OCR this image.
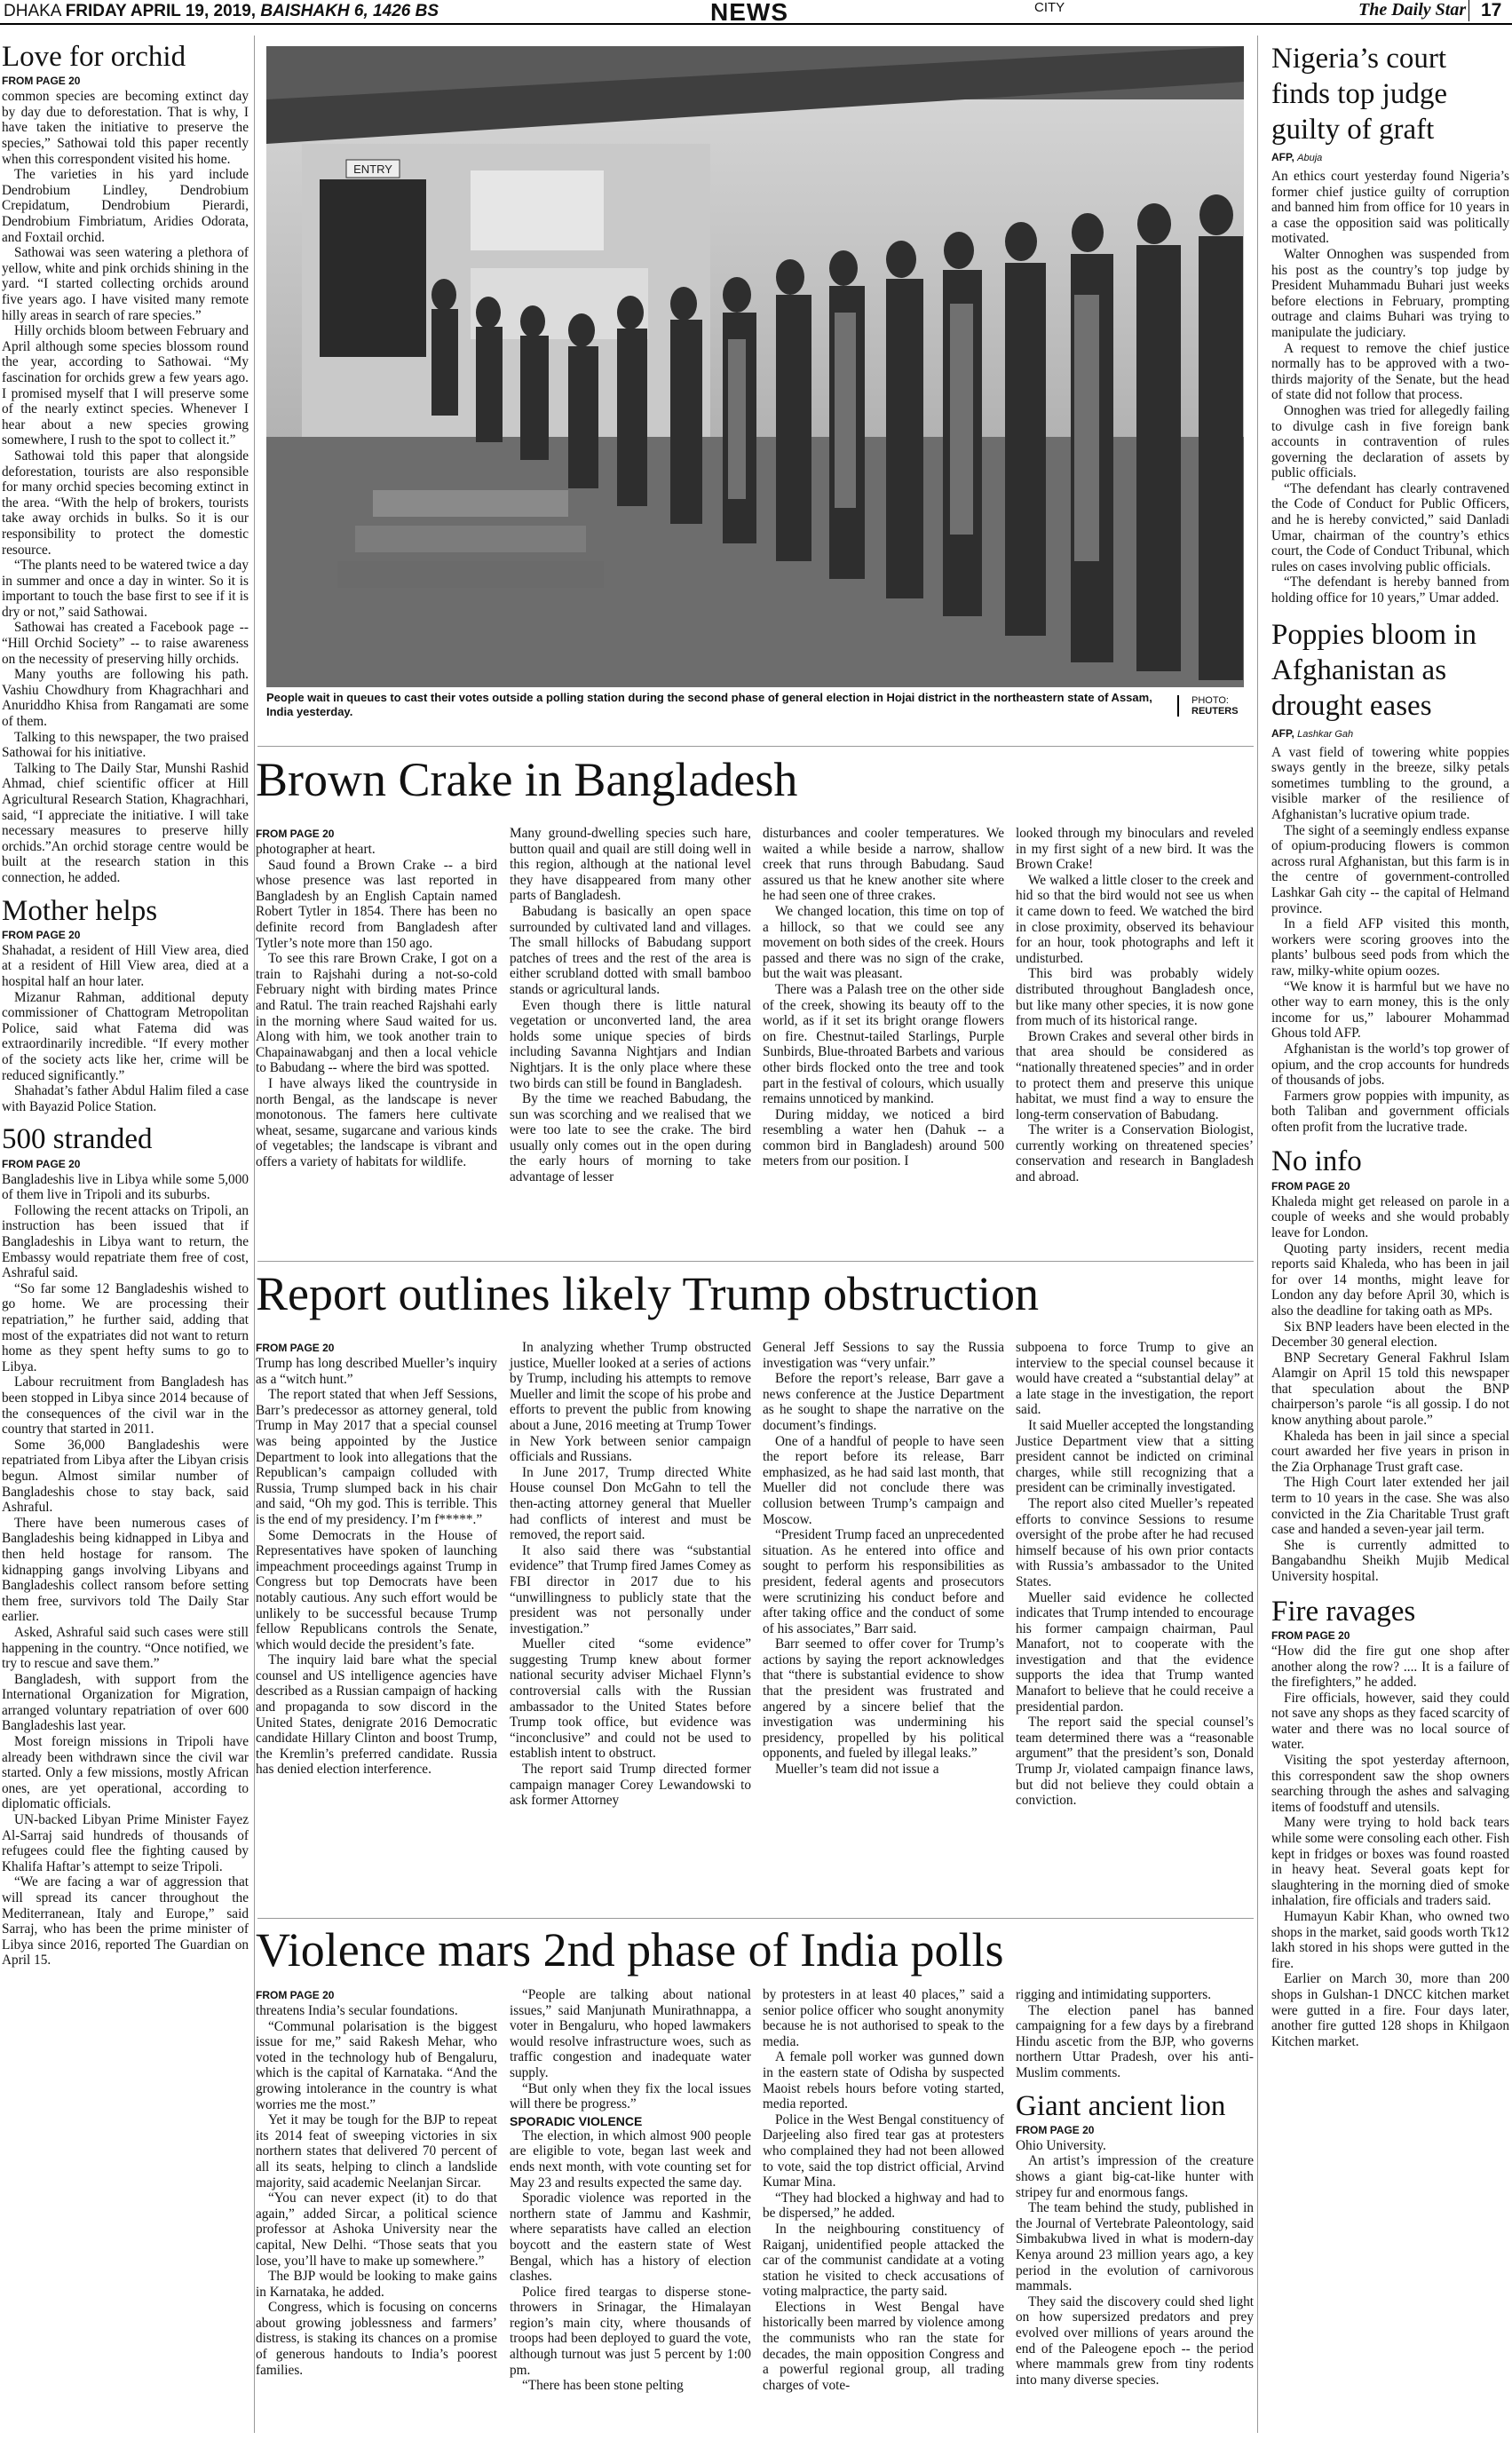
DHAKA FRIDAY APRIL 19, 2019, BAISHAKH 6, 1426 BS	NEWS	CITY	The Daily Star 17
Love for orchid
FROM PAGE 20

common species are becoming extinct day by day due to deforestation. That is why, I have taken the initiative to preserve the species,” Sathowai told this paper recently when this correspondent visited his home.

The varieties in his yard include Dendrobium Lindley, Dendrobium Crepidatum, Dendrobium Pierardi, Dendrobium Fimbriatum, Aridies Odorata, and Foxtail orchid.

Sathowai was seen watering a plethora of yellow, white and pink orchids shining in the yard. “I started collecting orchids around five years ago. I have visited many remote hilly areas in search of rare species.”

Hilly orchids bloom between February and April although some species blossom round the year, according to Sathowai. “My fascination for orchids grew a few years ago. I promised myself that I will preserve some of the nearly extinct species. Whenever I hear about a new species growing somewhere, I rush to the spot to collect it.”

Sathowai told this paper that alongside deforestation, tourists are also responsible for many orchid species becoming extinct in the area. “With the help of brokers, tourists take away orchids in bulks. So it is our responsibility to protect the domestic resource.

“The plants need to be watered twice a day in summer and once a day in winter. So it is important to touch the base first to see if it is dry or not,” said Sathowai.

Sathowai has created a Facebook page -- “Hill Orchid Society” -- to raise awareness on the necessity of preserving hilly orchids.

Many youths are following his path. Vashiu Chowdhury from Khagrachhari and Anuriddho Khisa from Rangamati are some of them.

Talking to this newspaper, the two praised Sathowai for his initiative.

Talking to The Daily Star, Munshi Rashid Ahmad, chief scientific officer at Hill Agricultural Research Station, Khagrachhari, said, “I appreciate the initiative. I will take necessary measures to preserve hilly orchids.”An orchid storage centre would be built at the research station in this connection, he added.

Mother helps
FROM PAGE 20

Shahadat, a resident of Hill View area, died at a resident of Hill View area, died at a hospital half an hour later.

Mizanur Rahman, additional deputy commissioner of Chattogram Metropolitan Police, said what Fatema did was extraordinarily incredible. “If every mother of the society acts like her, crime will be reduced significantly.”

Shahadat’s father Abdul Halim filed a case with Bayazid Police Station.

500 stranded
FROM PAGE 20

Bangladeshis live in Libya while some 5,000 of them live in Tripoli and its suburbs.

Following the recent attacks on Tripoli, an instruction has been issued that if Bangladeshis in Libya want to return, the Embassy would repatriate them free of cost, Ashraful said.

“So far some 12 Bangladeshis wished to go home. We are processing their repatriation,” he further said, adding that most of the expatriates did not want to return home as they spent hefty sums to go to Libya.

Labour recruitment from Bangladesh has been stopped in Libya since 2014 because of the consequences of the civil war in the country that started in 2011.

Some 36,000 Bangladeshis were repatriated from Libya after the Libyan crisis begun. Almost similar number of Bangladeshis chose to stay back, said Ashraful.

There have been numerous cases of Bangladeshis being kidnapped in Libya and then held hostage for ransom. The kidnapping gangs involving Libyans and Bangladeshis collect ransom before setting them free, survivors told The Daily Star earlier.

Asked, Ashraful said such cases were still happening in the country. “Once notified, we try to rescue and save them.”

Bangladesh, with support from the International Organization for Migration, arranged voluntary repatriation of over 600 Bangladeshis last year.

Most foreign missions in Tripoli have already been withdrawn since the civil war started. Only a few missions, mostly African ones, are yet operational, according to diplomatic officials.

UN-backed Libyan Prime Minister Fayez Al-Sarraj said hundreds of thousands of refugees could flee the fighting caused by Khalifa Haftar’s attempt to seize Tripoli.

“We are facing a war of aggression that will spread its cancer throughout the Mediterranean, Italy and Europe,” said Sarraj, who has been the prime minister of Libya since 2016, reported The Guardian on April 15.

ENTRY
People wait in queues to cast their votes outside a polling station during the second phase of general election in Hojai district in the northeastern state of Assam, India yesterday.
PHOTO:
REUTERS
Brown Crake in Bangladesh
FROM PAGE 20

photographer at heart.

Saud found a Brown Crake -- a bird whose presence was last reported in Bangladesh by an English Captain named Robert Tytler in 1854. There has been no definite record from Bangladesh after Tytler’s note more than 150 ago.

To see this rare Brown Crake, I got on a train to Rajshahi during a not-so-cold February night with birding mates Prince and Ratul. The train reached Rajshahi early in the morning where Saud waited for us. Along with him, we took another train to Chapainawabganj and then a local vehicle to Babudang -- where the bird was spotted.

I have always liked the countryside in north Bengal, as the landscape is never monotonous. The famers here cultivate wheat, sesame, sugarcane and various kinds of vegetables; the landscape is vibrant and offers a variety of habitats for wildlife.

Many ground-dwelling species such hare, button quail and quail are still doing well in this region, although at the national level they have disappeared from many other parts of Bangladesh.

Babudang is basically an open space surrounded by cultivated land and villages. The small hillocks of Babudang support patches of trees and the rest of the area is either scrubland dotted with small bamboo stands or agricultural lands.

Even though there is little natural vegetation or unconverted land, the area holds some unique species of birds including Savanna Nightjars and Indian Nightjars. It is the only place where these two birds can still be found in Bangladesh.

By the time we reached Babudang, the sun was scorching and we realised that we were too late to see the crake. The bird usually only comes out in the open during the early hours of morning to take advantage of lesser

disturbances and cooler temperatures. We waited a while beside a narrow, shallow creek that runs through Babudang. Saud assured us that he knew another site where he had seen one of three crakes.

We changed location, this time on top of a hillock, so that we could see any movement on both sides of the creek. Hours passed and there was no sign of the crake, but the wait was pleasant.

There was a Palash tree on the other side of the creek, showing its beauty off to the world, as if it set its bright orange flowers on fire. Chestnut-tailed Starlings, Purple Sunbirds, Blue-throated Barbets and various other birds flocked onto the tree and took part in the festival of colours, which usually remains unnoticed by mankind.

During midday, we noticed a bird resembling a water hen (Dahuk -- a common bird in Bangladesh) around 500 meters from our position. I

looked through my binoculars and reveled in my first sight of a new bird. It was the Brown Crake!

We walked a little closer to the creek and hid so that the bird would not see us when it came down to feed. We watched the bird in close proximity, observed its behaviour for an hour, took photographs and left it undisturbed.

This bird was probably widely distributed throughout Bangladesh once, but like many other species, it is now gone from much of its historical range.

Brown Crakes and several other birds in that area should be considered as “nationally threatened species” and in order to protect them and preserve this unique habitat, we must find a way to ensure the long-term conservation of Babudang.

The writer is a Conservation Biologist, currently working on threatened species’ conservation and research in Bangladesh and abroad.

Report outlines likely Trump obstruction
FROM PAGE 20

Trump has long described Mueller’s inquiry as a “witch hunt.”

The report stated that when Jeff Sessions, Barr’s predecessor as attorney general, told Trump in May 2017 that a special counsel was being appointed by the Justice Department to look into allegations that the Republican’s campaign colluded with Russia, Trump slumped back in his chair and said, “Oh my god. This is terrible. This is the end of my presidency. I’m f*****.”

Some Democrats in the House of Representatives have spoken of launching impeachment proceedings against Trump in Congress but top Democrats have been notably cautious. Any such effort would be unlikely to be successful because Trump fellow Republicans controls the Senate, which would decide the president’s fate.

The inquiry laid bare what the special counsel and US intelligence agencies have described as a Russian campaign of hacking and propaganda to sow discord in the United States, denigrate 2016 Democratic candidate Hillary Clinton and boost Trump, the Kremlin’s preferred candidate. Russia has denied election interference.

In analyzing whether Trump obstructed justice, Mueller looked at a series of actions by Trump, including his attempts to remove Mueller and limit the scope of his probe and efforts to prevent the public from knowing about a June, 2016 meeting at Trump Tower in New York between senior campaign officials and Russians.

In June 2017, Trump directed White House counsel Don McGahn to tell the then-acting attorney general that Mueller had conflicts of interest and must be removed, the report said.

It also said there was “substantial evidence” that Trump fired James Comey as FBI director in 2017 due to his “unwillingness to publicly state that the president was not personally under investigation.”

Mueller cited “some evidence” suggesting Trump knew about former national security adviser Michael Flynn’s controversial calls with the Russian ambassador to the United States before Trump took office, but evidence was “inconclusive” and could not be used to establish intent to obstruct.

The report said Trump directed former campaign manager Corey Lewandowski to ask former Attorney

General Jeff Sessions to say the Russia investigation was “very unfair.”

Before the report’s release, Barr gave a news conference at the Justice Department as he sought to shape the narrative on the document’s findings.

One of a handful of people to have seen the report before its release, Barr emphasized, as he had said last month, that Mueller did not conclude there was collusion between Trump’s campaign and Moscow.

“President Trump faced an unprecedented situation. As he entered into office and sought to perform his responsibilities as president, federal agents and prosecutors were scrutinizing his conduct before and after taking office and the conduct of some of his associates,” Barr said.

Barr seemed to offer cover for Trump’s actions by saying the report acknowledges that “there is substantial evidence to show that the president was frustrated and angered by a sincere belief that the investigation was undermining his presidency, propelled by his political opponents, and fueled by illegal leaks.”

Mueller’s team did not issue a

subpoena to force Trump to give an interview to the special counsel because it would have created a “substantial delay” at a late stage in the investigation, the report said.

It said Mueller accepted the longstanding Justice Department view that a sitting president cannot be indicted on criminal charges, while still recognizing that a president can be criminally investigated.

The report also cited Mueller’s repeated efforts to convince Sessions to resume oversight of the probe after he had recused himself because of his own prior contacts with Russia’s ambassador to the United States.

Mueller said evidence he collected indicates that Trump intended to encourage his former campaign chairman, Paul Manafort, not to cooperate with the investigation and that the evidence supports the idea that Trump wanted Manafort to believe that he could receive a presidential pardon.

The report said the special counsel’s team determined there was a “reasonable argument” that the president’s son, Donald Trump Jr, violated campaign finance laws, but did not believe they could obtain a conviction.

Violence mars 2nd phase of India polls
FROM PAGE 20

threatens India’s secular foundations.

“Communal polarisation is the biggest issue for me,” said Rakesh Mehar, who voted in the technology hub of Bengaluru, which is the capital of Karnataka. “And the growing intolerance in the country is what worries me the most.”

Yet it may be tough for the BJP to repeat its 2014 feat of sweeping victories in six northern states that delivered 70 percent of all its seats, helping to clinch a landslide majority, said academic Neelanjan Sircar.

“You can never expect (it) to do that again,” added Sircar, a political science professor at Ashoka University near the capital, New Delhi. “Those seats that you lose, you’ll have to make up somewhere.”

The BJP would be looking to make gains in Karnataka, he added.

Congress, which is focusing on concerns about growing joblessness and farmers’ distress, is staking its chances on a promise of generous handouts to India’s poorest families.

“People are talking about national issues,” said Manjunath Munirathnappa, a voter in Bengaluru, who hoped lawmakers would resolve infrastructure woes, such as traffic congestion and inadequate water supply.

“But only when they fix the local issues will there be progress.”

SPORADIC VIOLENCE

The election, in which almost 900 people are eligible to vote, began last week and ends next month, with vote counting set for May 23 and results expected the same day.

Sporadic violence was reported in the northern state of Jammu and Kashmir, where separatists have called an election boycott and the eastern state of West Bengal, which has a history of election clashes.

Police fired teargas to disperse stone-throwers in Srinagar, the Himalayan region’s main city, where thousands of troops had been deployed to guard the vote, although turnout was just 5 percent by 1:00 pm.

“There has been stone pelting

by protesters in at least 40 places,” said a senior police officer who sought anonymity because he is not authorised to speak to the media.

A female poll worker was gunned down in the eastern state of Odisha by suspected Maoist rebels hours before voting started, media reported.

Police in the West Bengal constituency of Darjeeling also fired tear gas at protesters who complained they had not been allowed to vote, said the top district official, Arvind Kumar Mina.

“They had blocked a highway and had to be dispersed,” he added.

In the neighbouring constituency of Raiganj, unidentified people attacked the car of the communist candidate at a voting station he visited to check accusations of voting malpractice, the party said.

Elections in West Bengal have historically been marred by violence among the communists who ran the state for decades, the main opposition Congress and a powerful regional group, all trading charges of vote-

rigging and intimidating supporters.

The election panel has banned campaigning for a few days by a firebrand Hindu ascetic from the BJP, who governs northern Uttar Pradesh, over his anti-Muslim comments.

Giant ancient lion
FROM PAGE 20

Ohio University.

An artist’s impression of the creature shows a giant big-cat-like hunter with stripey fur and enormous fangs.

The team behind the study, published in the Journal of Vertebrate Paleontology, said Simbakubwa lived in what is modern-day Kenya around 23 million years ago, a key period in the evolution of carnivorous mammals.

They said the discovery could shed light on how supersized predators and prey evolved over millions of years around the end of the Paleogene epoch -- the period where mammals grew from tiny rodents into many diverse species.

Nigeria’s court finds top judge guilty of graft
AFP, Abuja

An ethics court yesterday found Nigeria’s former chief justice guilty of corruption and banned him from office for 10 years in a case the opposition said was politically motivated.

Walter Onnoghen was suspended from his post as the country’s top judge by President Muhammadu Buhari just weeks before elections in February, prompting outrage and claims Buhari was trying to manipulate the judiciary.

A request to remove the chief justice normally has to be approved with a two-thirds majority of the Senate, but the head of state did not follow that process.

Onnoghen was tried for allegedly failing to divulge cash in five foreign bank accounts in contravention of rules governing the declaration of assets by public officials.

“The defendant has clearly contravened the Code of Conduct for Public Officers, and he is hereby convicted,” said Danladi Umar, chairman of the country’s ethics court, the Code of Conduct Tribunal, which rules on cases involving public officials.

“The defendant is hereby banned from holding office for 10 years,” Umar added.

Poppies bloom in Afghanistan as drought eases
AFP, Lashkar Gah

A vast field of towering white poppies sways gently in the breeze, silky petals sometimes tumbling to the ground, a visible marker of the resilience of Afghanistan’s lucrative opium trade.

The sight of a seemingly endless expanse of opium-producing flowers is common across rural Afghanistan, but this farm is in the centre of government-controlled Lashkar Gah city -- the capital of Helmand province.

In a field AFP visited this month, workers were scoring grooves into the plants’ bulbous seed pods from which the raw, milky-white opium oozes.

“We know it is harmful but we have no other way to earn money, this is the only income for us,” labourer Mohammad Ghous told AFP.

Afghanistan is the world’s top grower of opium, and the crop accounts for hundreds of thousands of jobs.

Farmers grow poppies with impunity, as both Taliban and government officials often profit from the lucrative trade.

No info
FROM PAGE 20

Khaleda might get released on parole in a couple of weeks and she would probably leave for London.

Quoting party insiders, recent media reports said Khaleda, who has been in jail for over 14 months, might leave for London any day before April 30, which is also the deadline for taking oath as MPs.

Six BNP leaders have been elected in the December 30 general election.

BNP Secretary General Fakhrul Islam Alamgir on April 15 told this newspaper that speculation about the BNP chairperson’s parole “is all gossip. I do not know anything about parole.”

Khaleda has been in jail since a special court awarded her five years in prison in the Zia Orphanage Trust graft case.

The High Court later extended her jail term to 10 years in the case. She was also convicted in the Zia Charitable Trust graft case and handed a seven-year jail term.

She is currently admitted to Bangabandhu Sheikh Mujib Medical University hospital.

Fire ravages
FROM PAGE 20

“How did the fire gut one shop after another along the row? .... It is a failure of the firefighters,” he added.

Fire officials, however, said they could not save any shops as they faced scarcity of water and there was no local source of water.

Visiting the spot yesterday afternoon, this correspondent saw the shop owners searching through the ashes and salvaging items of foodstuff and utensils.

Many were trying to hold back tears while some were consoling each other. Fish kept in fridges or boxes was found roasted in heavy heat. Several goats kept for slaughtering in the morning died of smoke inhalation, fire officials and traders said.

Humayun Kabir Khan, who owned two shops in the market, said goods worth Tk12 lakh stored in his shops were gutted in the fire.

Earlier on March 30, more than 200 shops in Gulshan-1 DNCC kitchen market were gutted in a fire. Four days later, another fire gutted 128 shops in Khilgaon Kitchen market.
